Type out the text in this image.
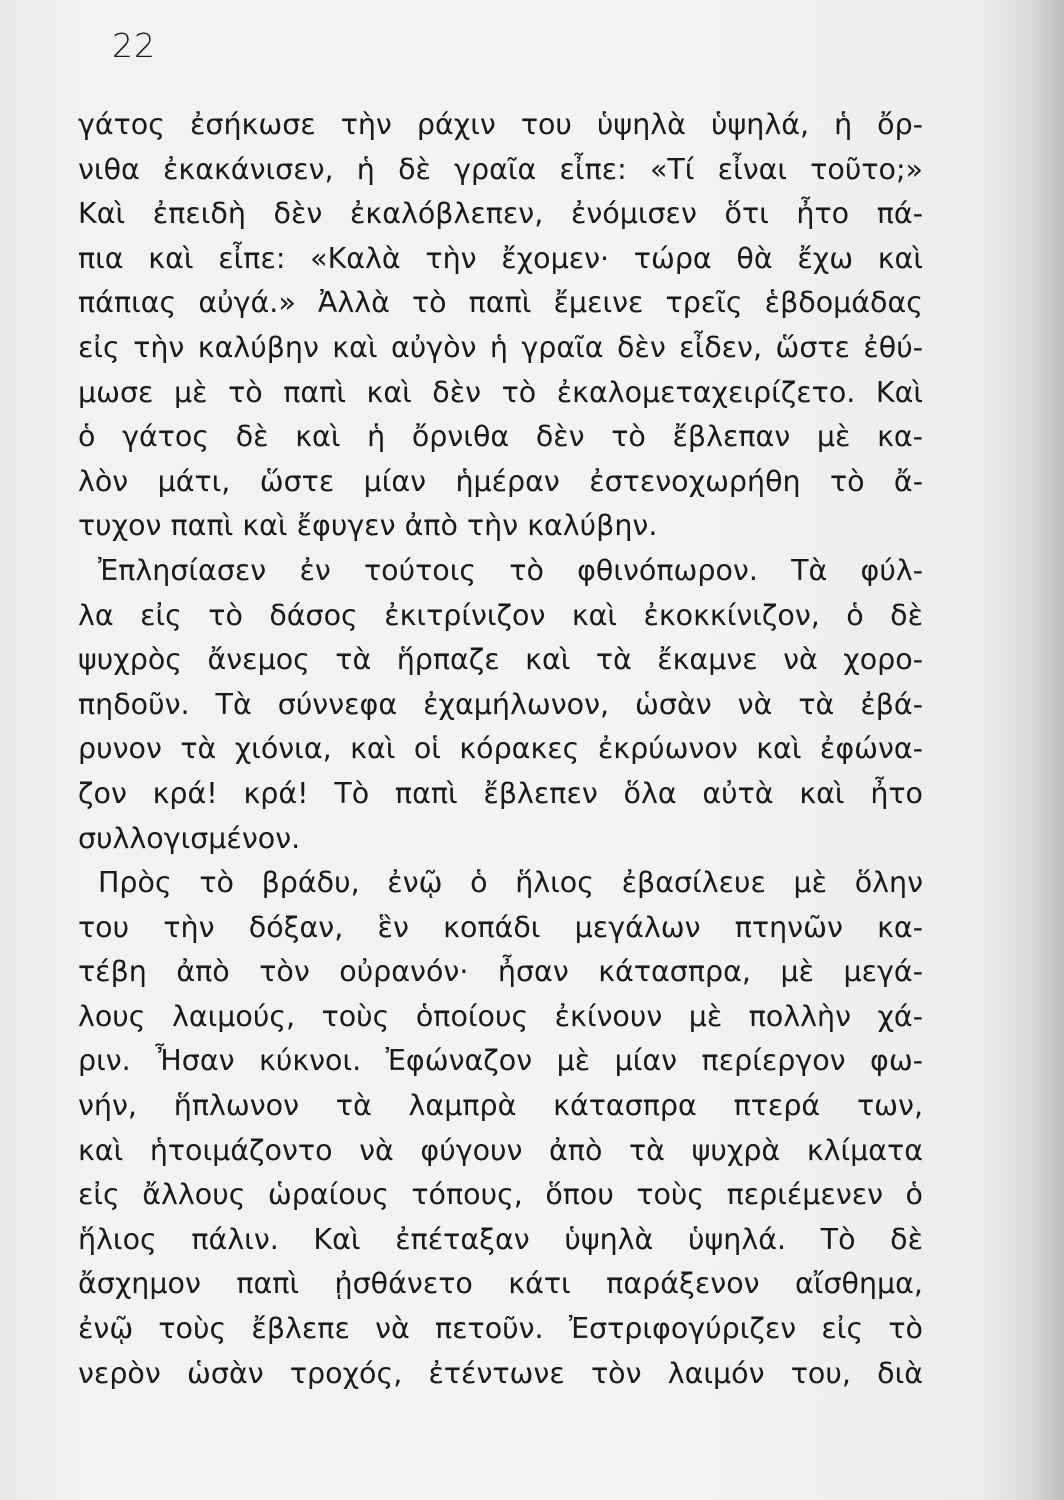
22
γάτος ἐσήκωσε τὴν ράχιν του ὑψηλὰ ὑψηλά, ἡ ὄρ-
νιθα ἐκακάνισεν, ἡ δὲ γραῖα εἶπε: «Τί εἶναι τοῦτο;»
Καὶ ἐπειδὴ δὲν ἐκαλόβλεπεν, ἐνόμισεν ὅτι ἦτο πά-
πια καὶ εἶπε: «Καλὰ τὴν ἔχομεν· τώρα θὰ ἔχω καὶ
πάπιας αὐγά.» Ἀλλὰ τὸ παπὶ ἔμεινε τρεῖς ἑβδομάδας
εἰς τὴν καλύβην καὶ αὐγὸν ἡ γραῖα δὲν εἶδεν, ὥστε ἐθύ-
μωσε μὲ τὸ παπὶ καὶ δὲν τὸ ἐκαλομεταχειρίζετο. Καὶ
ὁ γάτος δὲ καὶ ἡ ὄρνιθα δὲν τὸ ἔβλεπαν μὲ κα-
λὸν μάτι, ὥστε μίαν ἡμέραν ἐστενοχωρήθη τὸ ἄ-
τυχον παπὶ καὶ ἔφυγεν ἀπὸ τὴν καλύβην.
Ἐπλησίασεν ἐν τούτοις τὸ φθινόπωρον. Τὰ φύλ-
λα εἰς τὸ δάσος ἐκιτρίνιζον καὶ ἐκοκκίνιζον, ὁ δὲ
ψυχρὸς ἄνεμος τὰ ἥρπαζε καὶ τὰ ἔκαμνε νὰ χορο-
πηδοῦν. Τὰ σύννεφα ἐχαμήλωνον, ὡσὰν νὰ τὰ ἐβά-
ρυνον τὰ χιόνια, καὶ οἱ κόρακες ἐκρύωνον καὶ ἐφώνα-
ζον κρά! κρά! Τὸ παπὶ ἔβλεπεν ὅλα αὐτὰ καὶ ἦτο
συλλογισμένον.
Πρὸς τὸ βράδυ, ἐνῷ ὁ ἥλιος ἐβασίλευε μὲ ὅλην
του τὴν δόξαν, ἓν κοπάδι μεγάλων πτηνῶν κα-
τέβη ἀπὸ τὸν οὐρανόν· ἦσαν κάτασπρα, μὲ μεγά-
λους λαιμούς, τοὺς ὁποίους ἐκίνουν μὲ πολλὴν χά-
ριν. Ἦσαν κύκνοι. Ἐφώναζον μὲ μίαν περίεργον φω-
νήν, ἥπλωνον τὰ λαμπρὰ κάτασπρα πτερά των,
καὶ ἡτοιμάζοντο νὰ φύγουν ἀπὸ τὰ ψυχρὰ κλίματα
εἰς ἄλλους ὡραίους τόπους, ὅπου τοὺς περιέμενεν ὁ
ἥλιος πάλιν. Καὶ ἐπέταξαν ὑψηλὰ ὑψηλά. Τὸ δὲ
ἄσχημον παπὶ ᾐσθάνετο κάτι παράξενον αἴσθημα,
ἐνῷ τοὺς ἔβλεπε νὰ πετοῦν. Ἐστριφογύριζεν εἰς τὸ
νερὸν ὡσὰν τροχός, ἐτέντωνε τὸν λαιμόν του, διὰ
